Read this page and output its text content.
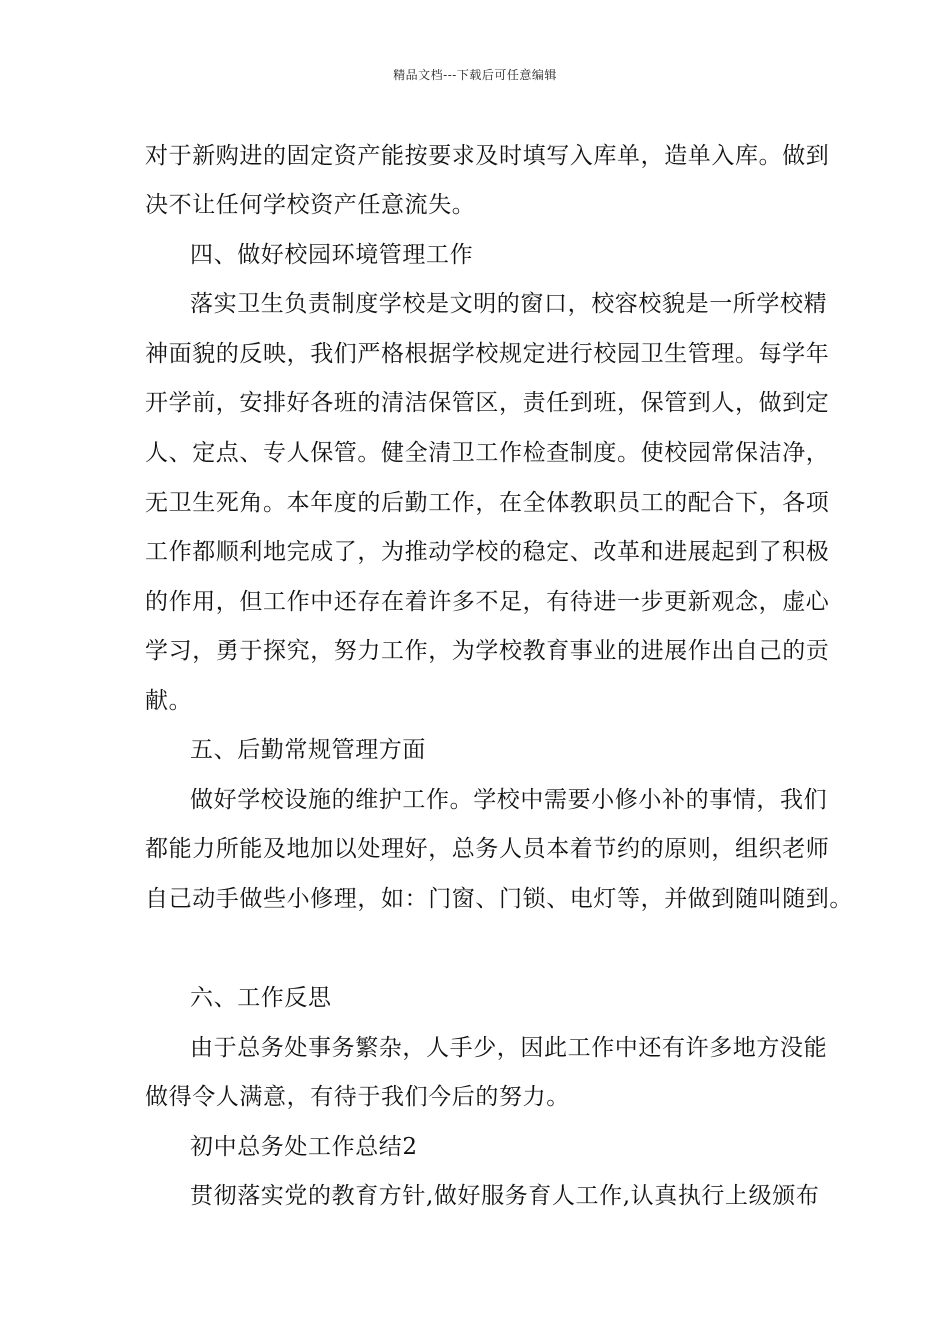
精品文档---下载后可任意编辑
对于新购进的固定资产能按要求及时填写入库单，造单入库。做到
决不让任何学校资产任意流失。
四、做好校园环境管理工作
落实卫生负责制度学校是文明的窗口，校容校貌是一所学校精
神面貌的反映，我们严格根据学校规定进行校园卫生管理。每学年
开学前，安排好各班的清洁保管区，责任到班，保管到人，做到定
人、定点、专人保管。健全清卫工作检查制度。使校园常保洁净，
无卫生死角。本年度的后勤工作，在全体教职员工的配合下，各项
工作都顺利地完成了，为推动学校的稳定、改革和进展起到了积极
的作用，但工作中还存在着许多不足，有待进一步更新观念，虚心
学习，勇于探究，努力工作，为学校教育事业的进展作出自己的贡
献。
五、后勤常规管理方面
做好学校设施的维护工作。学校中需要小修小补的事情，我们
都能力所能及地加以处理好，总务人员本着节约的原则，组织老师
自己动手做些小修理，如：门窗、门锁、电灯等，并做到随叫随到。
六、工作反思
由于总务处事务繁杂，人手少，因此工作中还有许多地方没能
做得令人满意，有待于我们今后的努力。
初中总务处工作总结2
贯彻落实党的教育方针,做好服务育人工作,认真执行上级颁布
